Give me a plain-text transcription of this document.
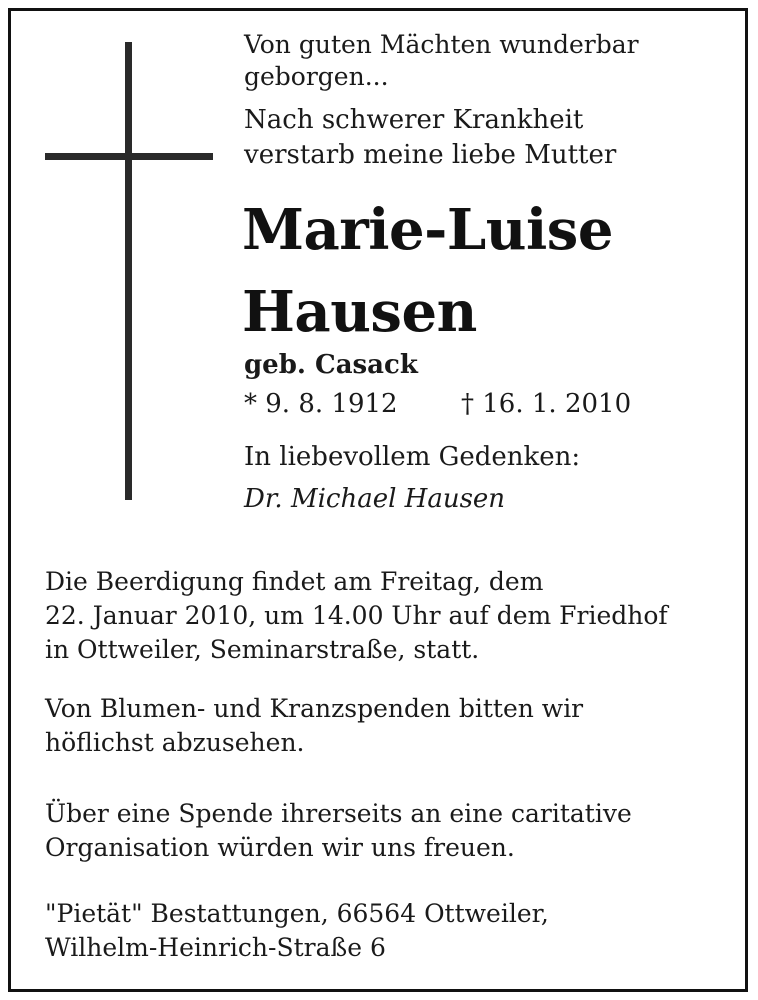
Von guten Mächten wunderbar
geborgen...
Nach schwerer Krankheit
verstarb meine liebe Mutter
Marie-Luise
Hausen
geb. Casack
* 9. 8. 1912 † 16. 1. 2010
In liebevollem Gedenken:
Dr. Michael Hausen
Die Beerdigung findet am Freitag, dem
22. Januar 2010, um 14.00 Uhr auf dem Friedhof
in Ottweiler, Seminarstraße, statt.
Von Blumen- und Kranzspenden bitten wir
höflichst abzusehen.
Über eine Spende ihrerseits an eine caritative
Organisation würden wir uns freuen.
"Pietät" Bestattungen, 66564 Ottweiler,
Wilhelm-Heinrich-Straße 6
